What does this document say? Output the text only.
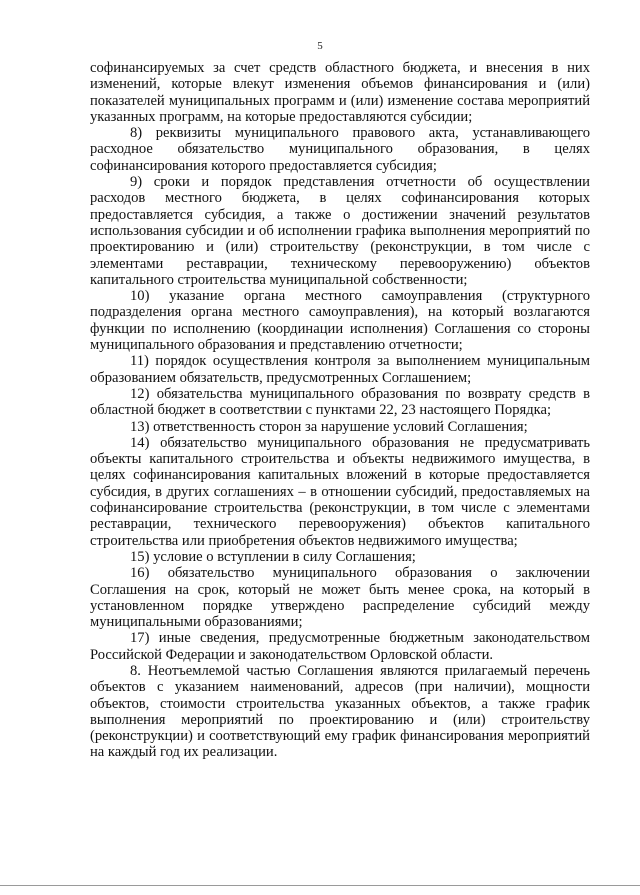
5

софинансируемых за счет средств областного бюджета, и внесения в них изменений, которые влекут изменения объемов финансирования и (или) показателей муниципальных программ и (или) изменение состава мероприятий указанных программ, на которые предоставляются субсидии;

8) реквизиты муниципального правового акта, устанавливающего расходное обязательство муниципального образования, в целях софинансирования которого предоставляется субсидия;

9) сроки и порядок представления отчетности об осуществлении расходов местного бюджета, в целях софинансирования которых предоставляется субсидия, а также о достижении значений результатов использования субсидии и об исполнении графика выполнения мероприятий по проектированию и (или) строительству (реконструкции, в том числе с элементами реставрации, техническому перевооружению) объектов капитального строительства муниципальной собственности;

10) указание органа местного самоуправления (структурного подразделения органа местного самоуправления), на который возлагаются функции по исполнению (координации исполнения) Соглашения со стороны муниципального образования и представлению отчетности;

11) порядок осуществления контроля за выполнением муниципальным образованием обязательств, предусмотренных Соглашением;

12) обязательства муниципального образования по возврату средств в областной бюджет в соответствии с пунктами 22, 23 настоящего Порядка;

13) ответственность сторон за нарушение условий Соглашения;

14) обязательство муниципального образования не предусматривать объекты капитального строительства и объекты недвижимого имущества, в целях софинансирования капитальных вложений в которые предоставляется субсидия, в других соглашениях – в отношении субсидий, предоставляемых на софинансирование строительства (реконструкции, в том числе с элементами реставрации, технического перевооружения) объектов капитального строительства или приобретения объектов недвижимого имущества;

15) условие о вступлении в силу Соглашения;

16) обязательство муниципального образования о заключении Соглашения на срок, который не может быть менее срока, на который в установленном порядке утверждено распределение субсидий между муниципальными образованиями;

17) иные сведения, предусмотренные бюджетным законодательством Российской Федерации и законодательством Орловской области.

8. Неотъемлемой частью Соглашения являются прилагаемый перечень объектов с указанием наименований, адресов (при наличии), мощности объектов, стоимости строительства указанных объектов, а также график выполнения мероприятий по проектированию и (или) строительству (реконструкции) и соответствующий ему график финансирования мероприятий на каждый год их реализации.
